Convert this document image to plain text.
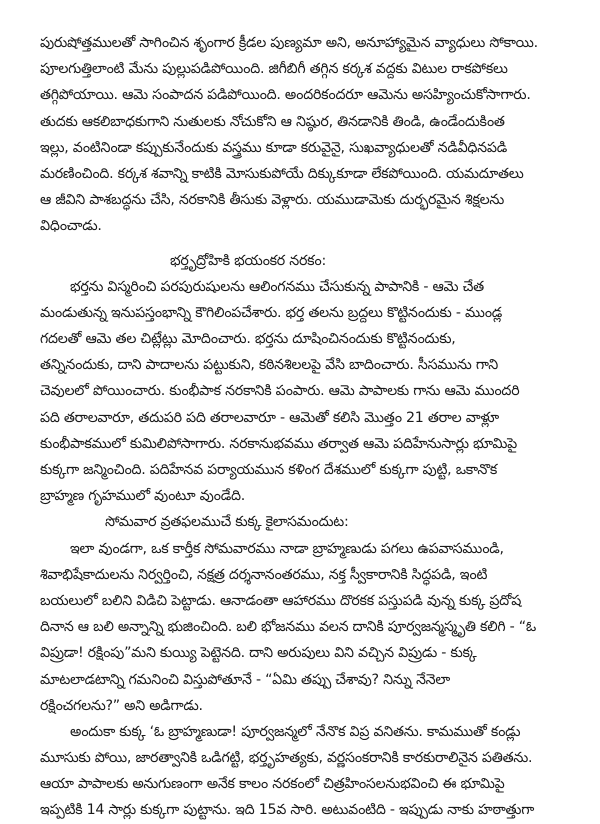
పురుషోత్తములతో సాగించిన శృంగార క్రీడల పుణ్యమా అని, అనూహ్యామైన వ్యాధులు సోకాయి.
పూలగుత్తిలాంటి మేను పుల్లుపడిపోయింది. జిగీబిగీ తగ్గిన కర్కశ వద్దకు విటుల రాకపోకలు
తగ్గిపోయాయి. ఆమె సంపాదన పడిపోయింది. అందరికందరూ ఆమెను అసహ్యించుకోసాగారు.
తుదకు ఆకలిబాధకుగాని నుతులకు నోచుకోని ఆ నిష్ఠుర, తినడానికి తిండి, ఉండేందుకింత
ఇల్లు, వంటినిండా కప్పుకునేందుకు వస్త్రము కూడా కరువైనై, సుఖవ్యాధులతో నడివీధినపడి
మరణించింది. కర్కశ శవాన్ని కాటికి మోసుకుపోయే దిక్కుకూడా లేకపోయింది. యమదూతలు
ఆ జీవిని పాశబద్ధను చేసి, నరకానికి తీసుకు వెళ్లారు. యముడామెకు దుర్భరమైన శిక్షలను
విధించాడు.
భర్తృద్రోహికి భయంకర నరకం:
భర్తను విస్మరించి పరపురుషులను ఆలింగనము చేసుకున్న పాపానికి - ఆమె చేత
మండుతున్న ఇనుపస్తంభాన్ని కౌగిలింపచేశారు. భర్త తలను బ్రద్దలు కొట్టినందుకు - ముండ్ల
గదలతో ఆమె తల చిట్లేట్లు మోదించారు. భర్తను దూషించినందుకు కొట్టినందుకు,
తన్నినందుకు, దాని పాదాలను పట్టుకుని, కఠినశిలలపై వేసి బాదించారు. సీసమును గాని
చెవులలో పోయించారు. కుంభీపాక నరకానికి పంపారు. ఆమె పాపాలకు గాను ఆమె ముందరి
పది తరాలవారూ, తదుపరి పది తరాలవారూ - ఆమెతో కలిసి మొత్తం 21 తరాల వాళ్లూ
కుంభీపాకములో కుమిలిపోసాగారు. నరకానుభవము తర్వాత ఆమె పదిహేనుసార్లు భూమిపై
కుక్కగా జన్మించింది. పదిహేనవ పర్యాయమున కళింగ దేశములో కుక్కగా పుట్టి, ఒకానొక
బ్రాహ్మణ గృహములో వుంటూ వుండేది.
సోమవార వ్రతఫలముచే కుక్క కైలాసమందుట:
ఇలా వుండగా, ఒక కార్తీక సోమవారము నాడా బ్రాహ్మణుడు పగలు ఉపవాసముండి,
శివాభిషేకాదులను నిర్వర్తించి, నక్షత్ర దర్శనానంతరము, నక్త స్వీకారానికి సిద్ధపడి, ఇంటి
బయలులో బలిని విడిచి పెట్టాడు. ఆనాడంతా ఆహారము దొరకక పస్తుపడి వున్న కుక్క ప్రదోష
దినాన ఆ బలి అన్నాన్ని భుజించింది. బలి భోజనము వలన దానికి పూర్వజన్మస్మృతి కలిగి - “ఓ
విప్రుడా! రక్షింపు”మని కుయ్యి పెట్టెనది. దాని అరుపులు విని వచ్చిన విప్రుడు - కుక్క
మాటలాడటాన్ని గమనించి విస్తుపోతూనే - “ఏమి తప్పు చేశావు? నిన్ను నేనెలా
రక్షించగలను?” అని అడిగాడు.
అందుకా కుక్క ‘ఓ బ్రాహ్మణుడా! పూర్వజన్మలో నేనొక విప్ర వనితను. కామముతో కండ్లు
మూసుకు పోయి, జారత్వానికి ఒడిగట్టి, భర్తృహత్యకు, వర్ణసంకరానికి కారకురాలినైన పతితను.
ఆయా పాపాలకు అనుగుణంగా అనేక కాలం నరకంలో చిత్రహింసలనుభవించి ఈ భూమిపై
ఇప్పటికి 14 సార్లు కుక్కగా పుట్టాను. ఇది 15వ సారి. అటువంటిది - ఇప్పుడు నాకు హఠాత్తుగా
